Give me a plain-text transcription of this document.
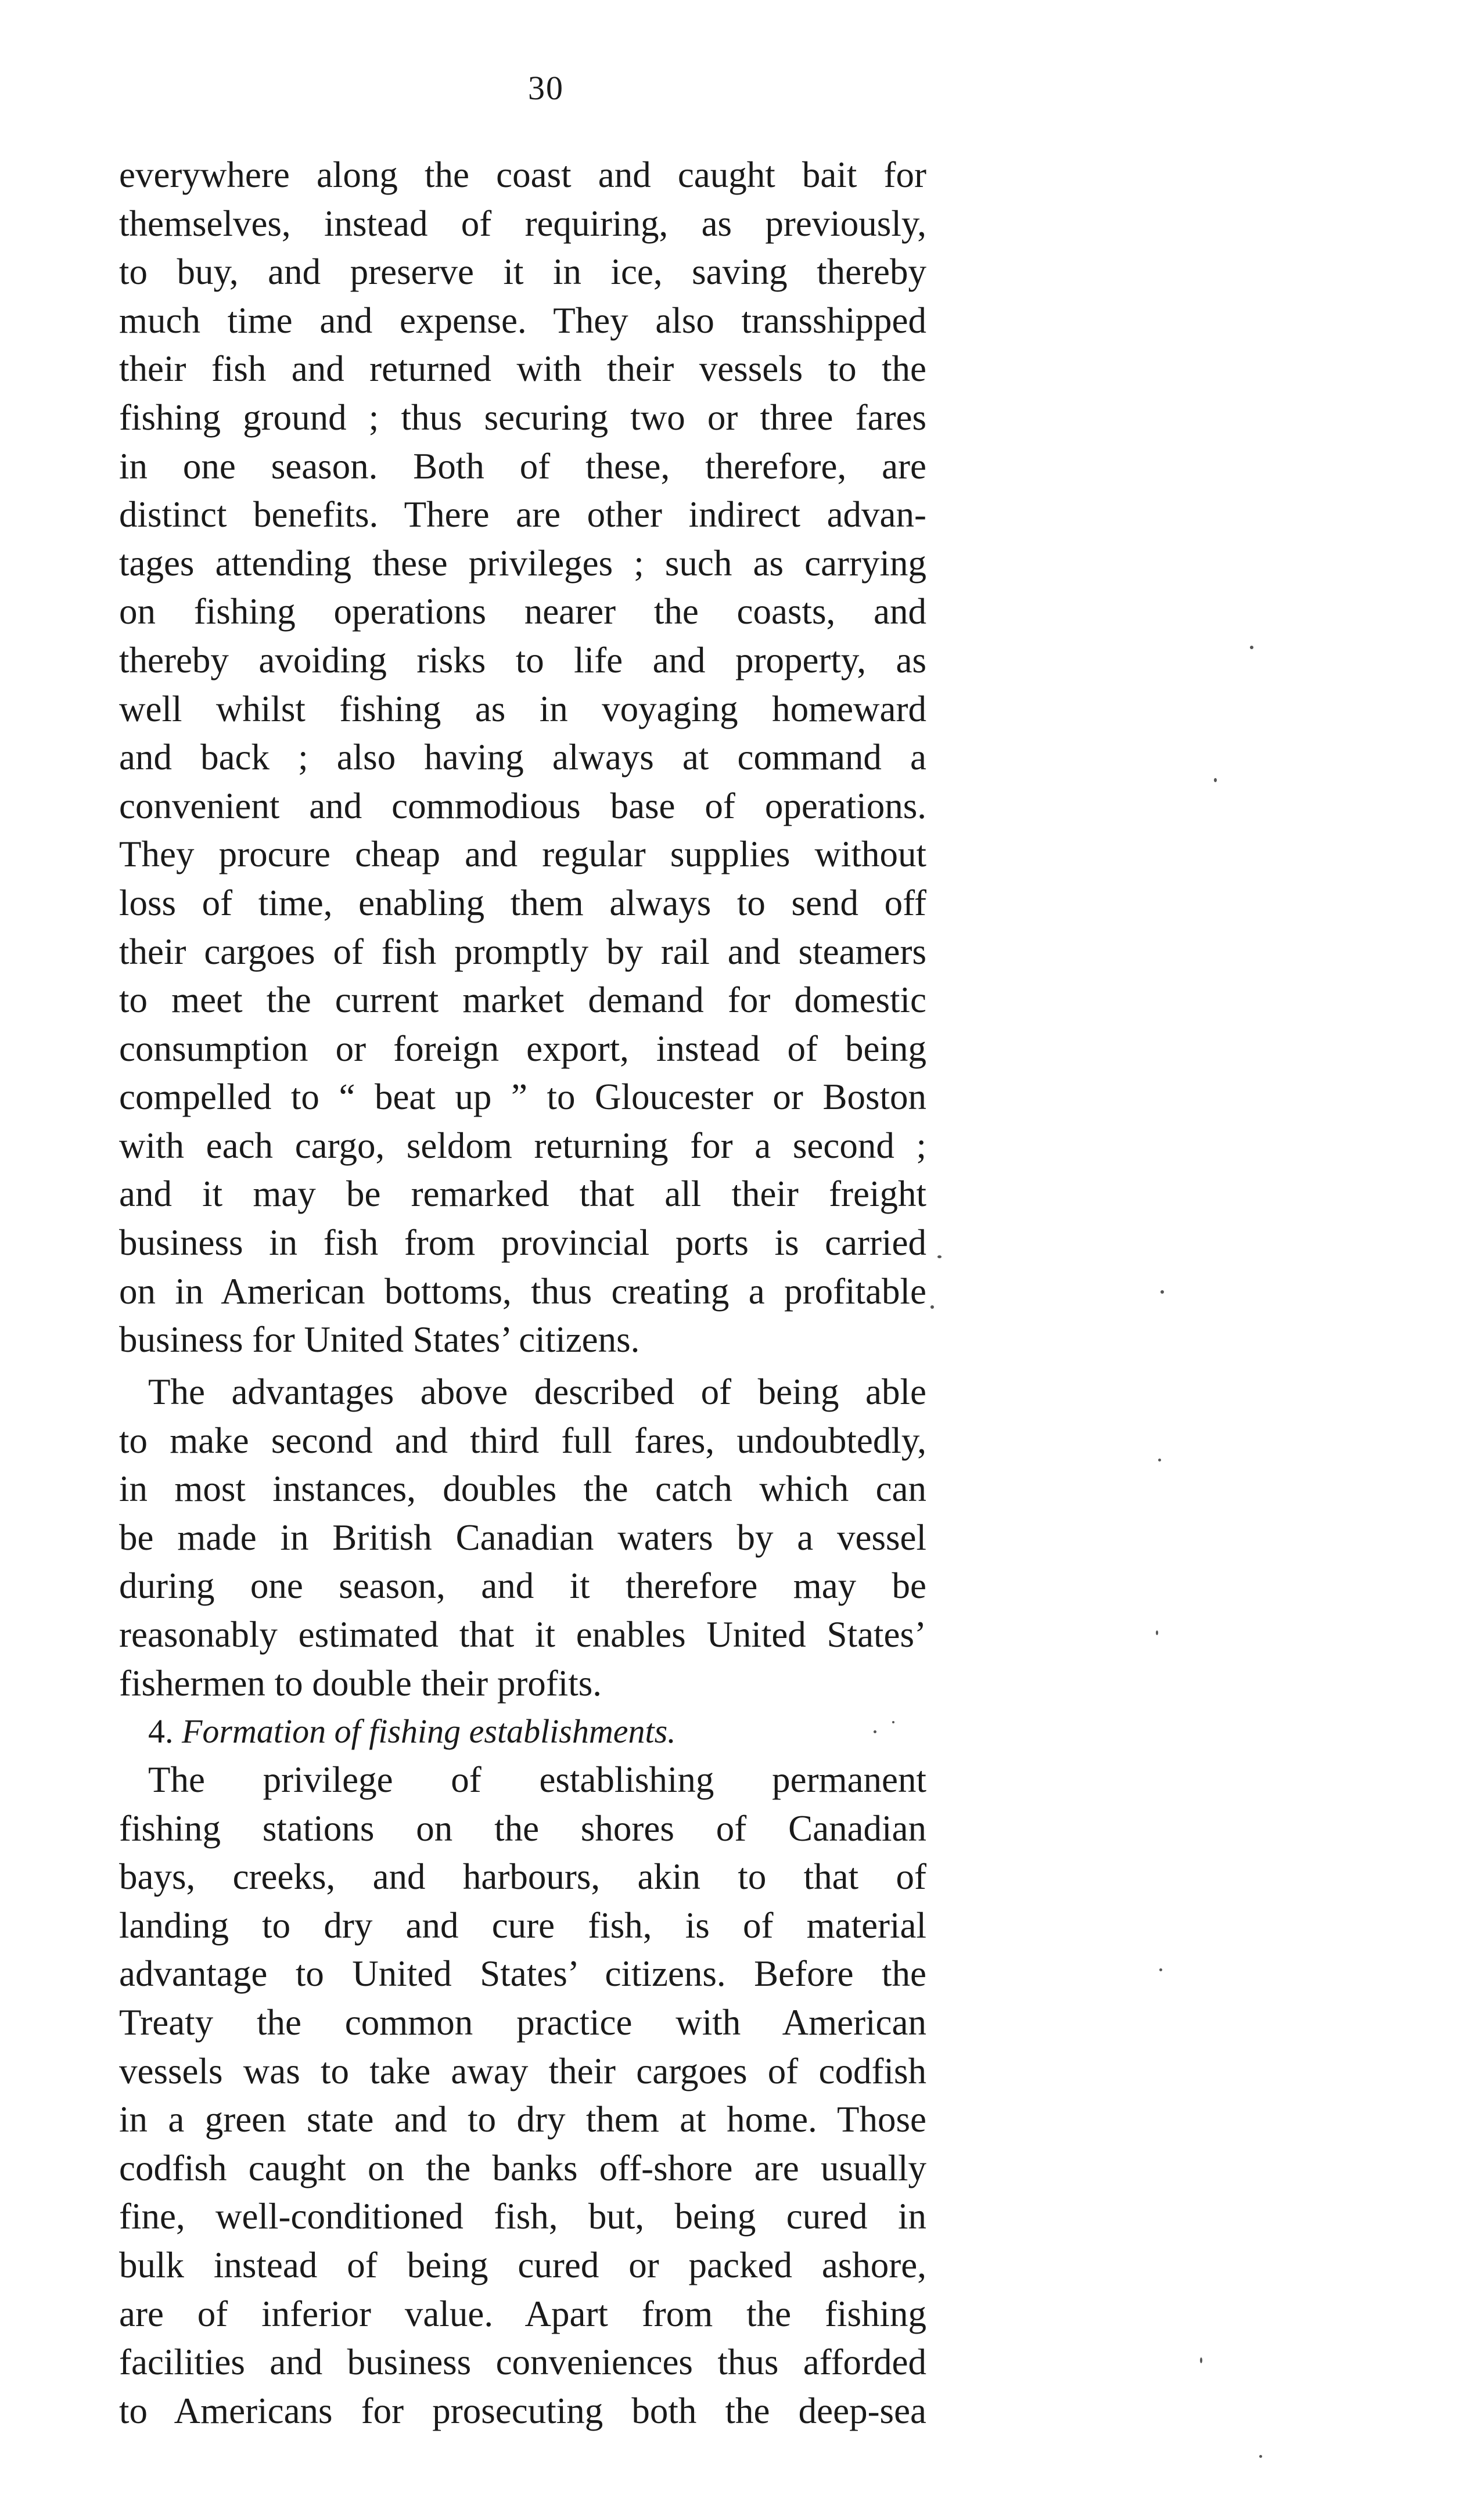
30
everywhere along the coast and caught bait for
themselves, instead of requiring, as previously,
to buy, and preserve it in ice, saving thereby
much time and expense. They also transshipped
their fish and returned with their vessels to the
fishing ground ; thus securing two or three fares
in one season. Both of these, therefore, are
distinct benefits. There are other indirect advan-
tages attending these privileges ; such as carrying
on fishing operations nearer the coasts, and
thereby avoiding risks to life and property, as
well whilst fishing as in voyaging homeward
and back ; also having always at command a
convenient and commodious base of operations.
They procure cheap and regular supplies without
loss of time, enabling them always to send off
their cargoes of fish promptly by rail and steamers
to meet the current market demand for domestic
consumption or foreign export, instead of being
compelled to “ beat up ” to Gloucester or Boston
with each cargo, seldom returning for a second ;
and it may be remarked that all their freight
business in fish from provincial ports is carried
on in American bottoms, thus creating a profitable
business for United States’ citizens.
The advantages above described of being able
to make second and third full fares, undoubtedly,
in most instances, doubles the catch which can
be made in British Canadian waters by a vessel
during one season, and it therefore may be
reasonably estimated that it enables United States’
fishermen to double their profits.
4. Formation of fishing establishments.
The privilege of establishing permanent
fishing stations on the shores of Canadian
bays, creeks, and harbours, akin to that of
landing to dry and cure fish, is of material
advantage to United States’ citizens. Before the
Treaty the common practice with American
vessels was to take away their cargoes of codfish
in a green state and to dry them at home. Those
codfish caught on the banks off-shore are usually
fine, well-conditioned fish, but, being cured in
bulk instead of being cured or packed ashore,
are of inferior value. Apart from the fishing
facilities and business conveniences thus afforded
to Americans for prosecuting both the deep-sea
